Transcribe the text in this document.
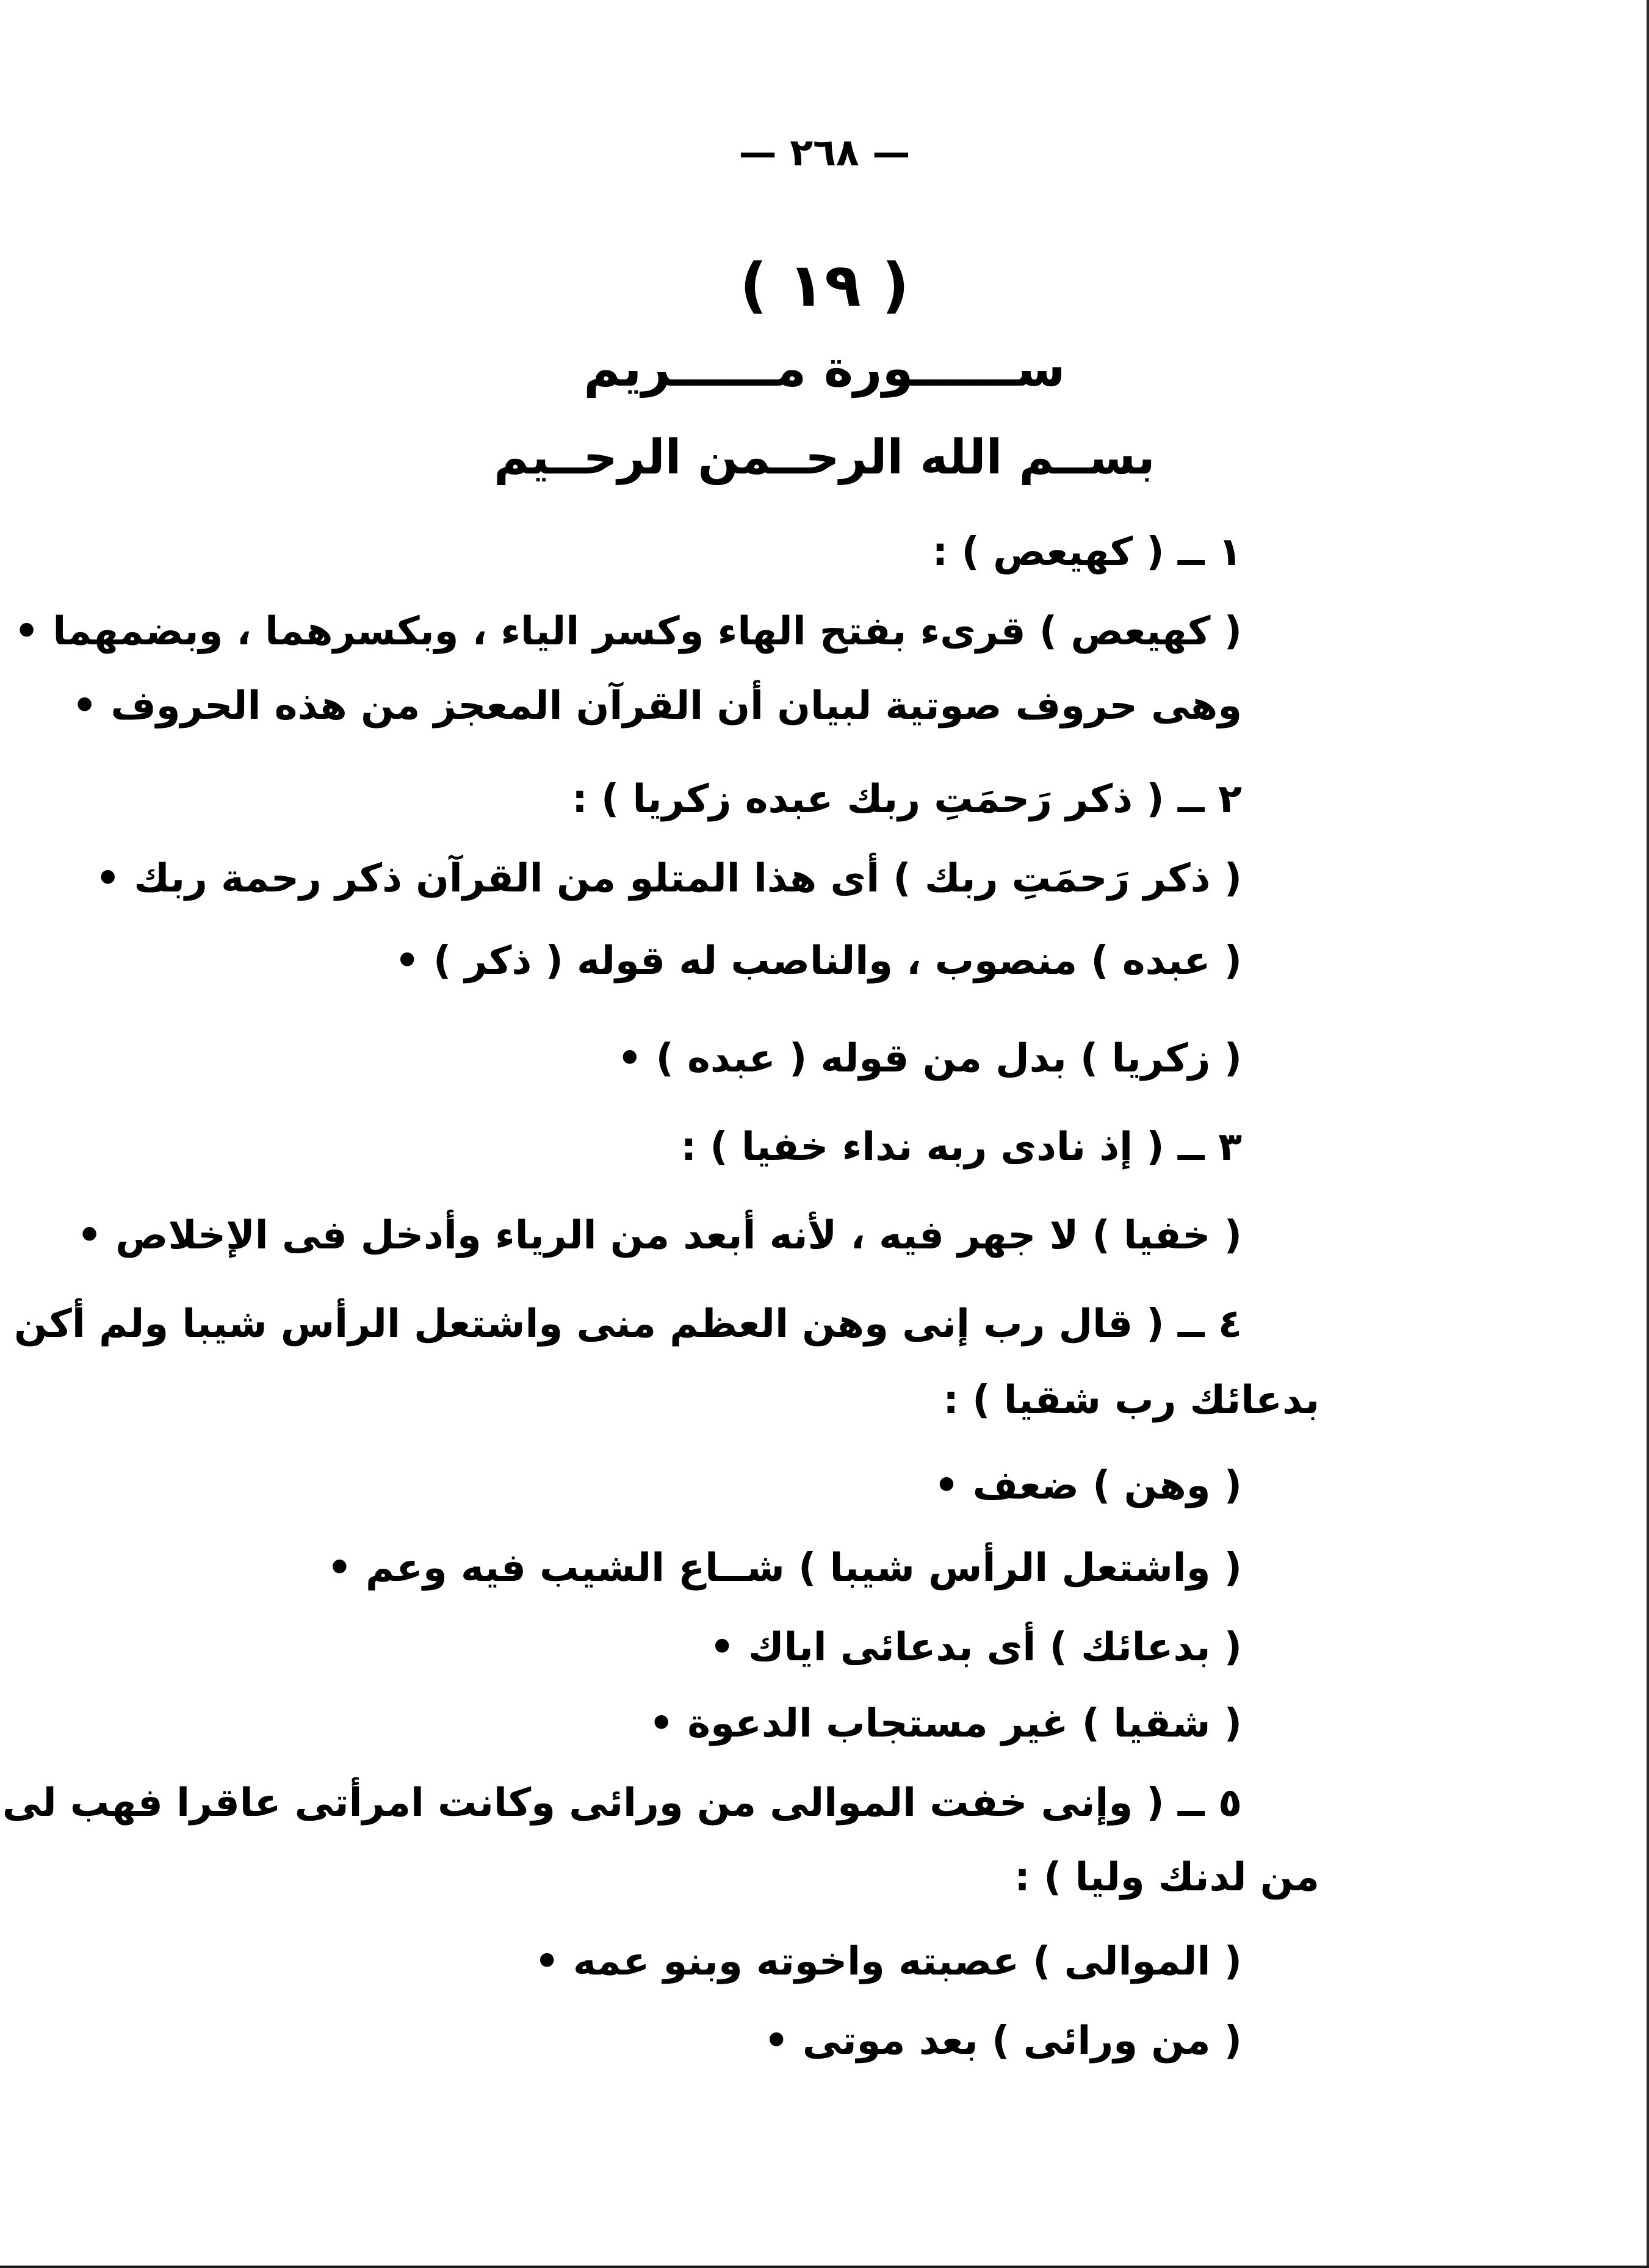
— ٢٦٨ —
( ١٩ )
ســــــورة مــــــريم
بســم الله الرحــمن الرحــيم
١ ــ ( كهيعص ) :
( كهيعص ) قرىء بفتح الهاء وكسر الياء ، وبكسرهما ، وبضمهما •
وهى حروف صوتية لبيان أن القرآن المعجز من هذه الحروف •
٢ ــ ( ذكر رَحمَتِ ربك عبده زكريا ) :
( ذكر رَحمَتِ ربك ) أى هذا المتلو من القرآن ذكر رحمة ربك •
( عبده ) منصوب ، والناصب له قوله ( ذكر ) •
( زكريا ) بدل من قوله ( عبده ) •
٣ ــ ( إذ نادى ربه نداء خفيا ) :
( خفيا ) لا جهر فيه ، لأنه أبعد من الرياء وأدخل فى الإخلاص •
٤ ــ ( قال رب إنى وهن العظم منى واشتعل الرأس شيبا ولم أكن
بدعائك رب شقيا ) :
( وهن ) ضعف •
( واشتعل الرأس شيبا ) شــاع الشيب فيه وعم •
( بدعائك ) أى بدعائى اياك •
( شقيا ) غير مستجاب الدعوة •
٥ ــ ( وإنى خفت الموالى من ورائى وكانت امرأتى عاقرا فهب لى
من لدنك وليا ) :
( الموالى ) عصبته واخوته وبنو عمه •
( من ورائى ) بعد موتى •
